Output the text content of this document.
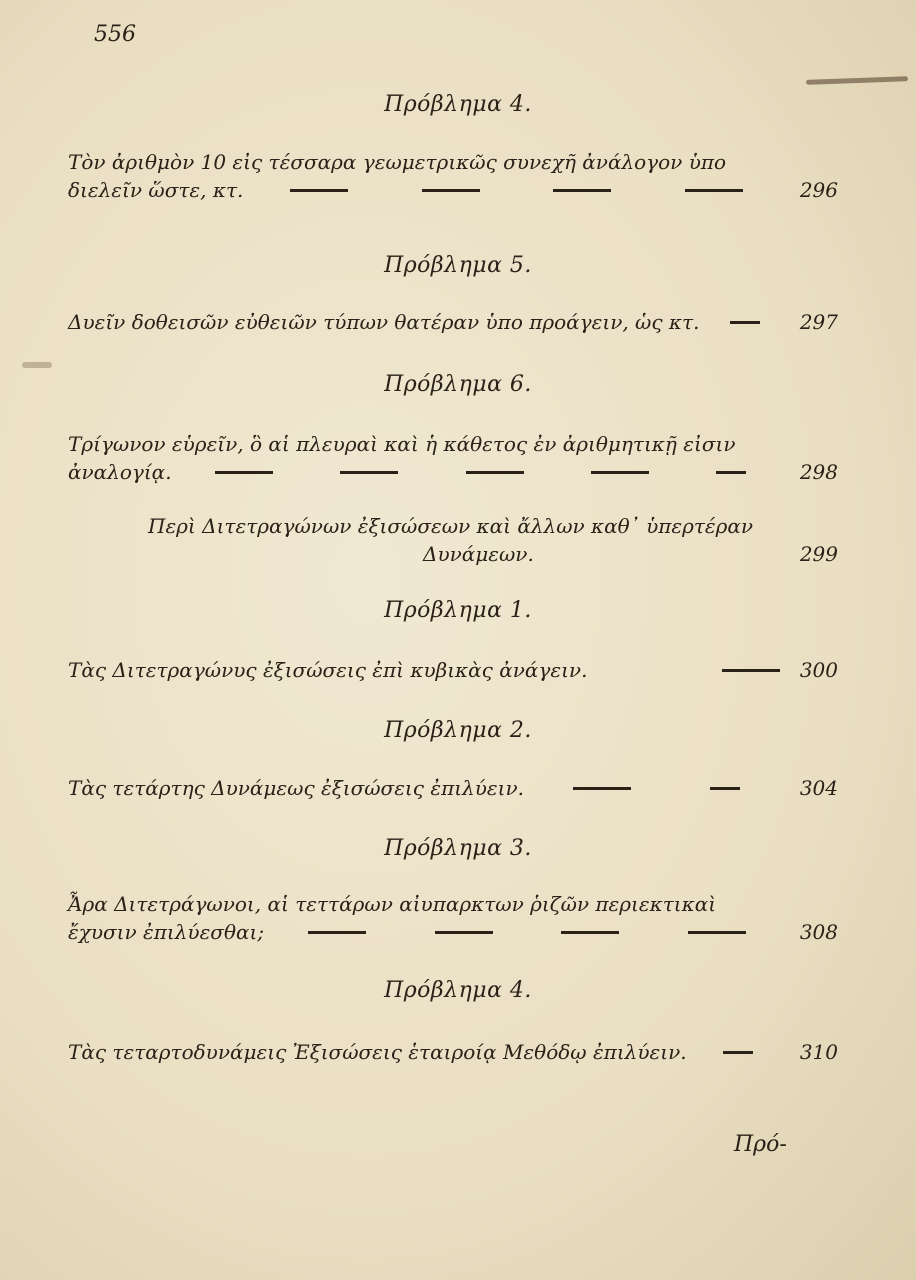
556
Πρόβλημα 4.
Τὸν ἀριθμὸν 10 εἰς τέσσαρα γεωμετρικῶς συνεχῆ ἀνάλογον ὑπο
διελεῖν ὥστε, κτ.	296
Πρόβλημα 5.
Δυεῖν δοθεισῶν εὐθειῶν τύπων θατέραν ὑπο προάγειν, ὡς κτ.	297
Πρόβλημα 6.
Τρίγωνον εὑρεῖν, ὃ αἱ πλευραὶ καὶ ἡ κάθετος ἐν ἀριθμητικῇ εἰσιν
ἀναλογίᾳ.	298
Περὶ Διτετραγώνων ἐξισώσεων καὶ ἄλλων καθ᾽ ὑπερτέραν
Δυνάμεων.	299
Πρόβλημα 1.
Τὰς Διτετραγώνυς ἐξισώσεις ἐπὶ κυβικὰς ἀνάγειν.	300
Πρόβλημα 2.
Τὰς τετάρτης Δυνάμεως ἐξισώσεις ἐπιλύειν.	304
Πρόβλημα 3.
Ἆρα Διτετράγωνοι, αἱ τεττάρων αἰυπαρκτων ῥιζῶν περιεκτικαὶ
ἔχυσιν ἐπιλύεσθαι;	308
Πρόβλημα 4.
Τὰς τεταρτοδυνάμεις Ἐξισώσεις ἑταιροίᾳ Μεθόδῳ ἐπιλύειν.	310
Πρό-
